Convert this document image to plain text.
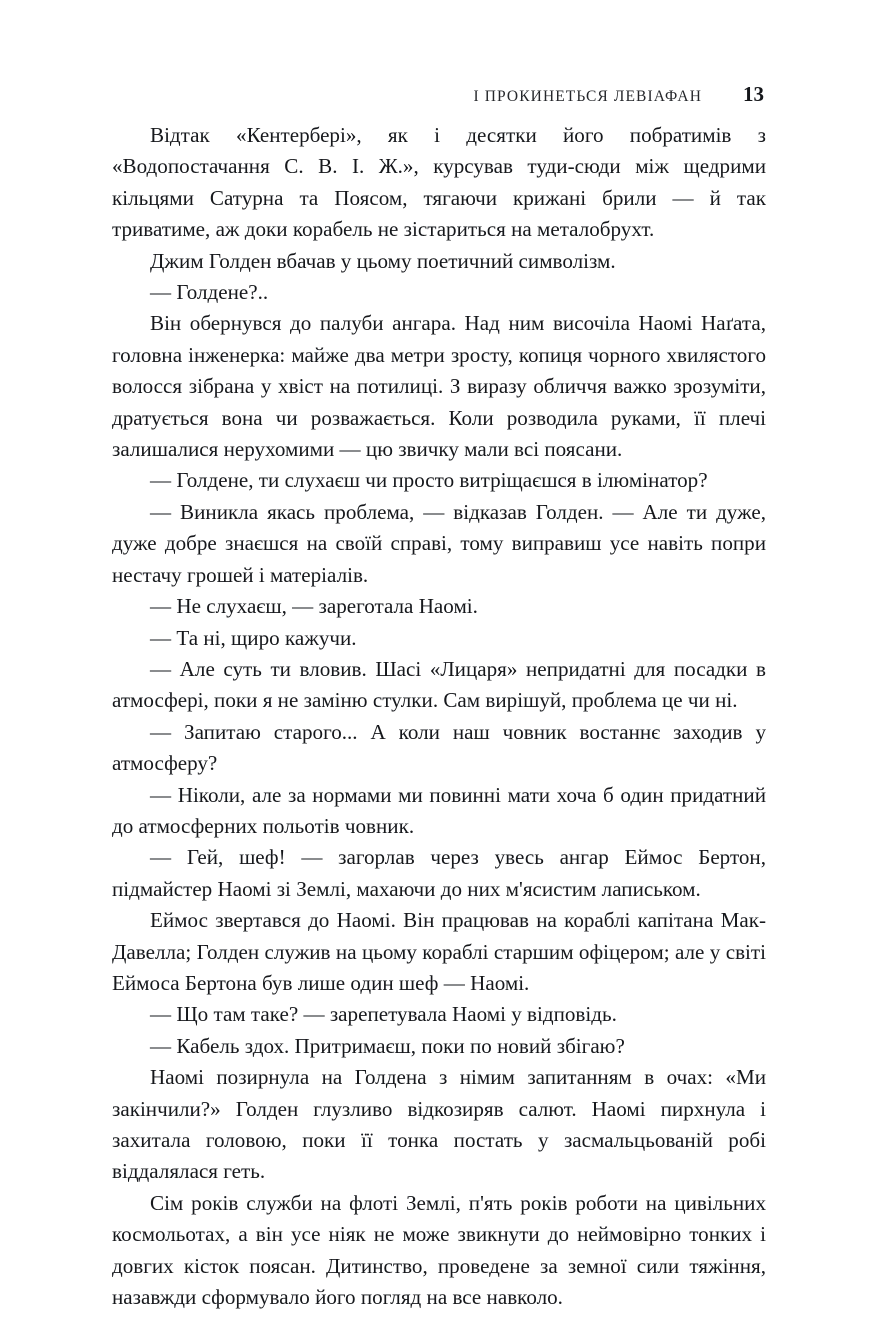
І ПРОКИНЕТЬСЯ ЛЕВІАФАН 13

Відтак «Кентербері», як і десятки його побратимів з «Водопостачання С. В. І. Ж.», курсував туди-сюди між щедрими кільцями Сатурна та Поясом, тягаючи крижані брили — й так триватиме, аж доки корабель не зістариться на металобрухт.

Джим Голден вбачав у цьому поетичний символізм.

— Голдене?..

Він обернувся до палуби ангара. Над ним височіла Наомі Наґата, головна інженерка: майже два метри зросту, копиця чорного хвилястого волосся зібрана у хвіст на потилиці. З виразу обличчя важко зрозуміти, дратується вона чи розважається. Коли розводила руками, її плечі залишалися нерухомими — цю звичку мали всі поясани.

— Голдене, ти слухаєш чи просто витріщаєшся в ілюмінатор?

— Виникла якась проблема, — відказав Голден. — Але ти дуже, дуже добре знаєшся на своїй справі, тому виправиш усе навіть попри нестачу грошей і матеріалів.

— Не слухаєш, — зареготала Наомі.

— Та ні, щиро кажучи.

— Але суть ти вловив. Шасі «Лицаря» непридатні для посадки в атмосфері, поки я не заміню стулки. Сам вирішуй, проблема це чи ні.

— Запитаю старого... А коли наш човник востаннє заходив у атмосферу?

— Ніколи, але за нормами ми повинні мати хоча б один придатний до атмосферних польотів човник.

— Гей, шеф! — загорлав через увесь ангар Еймос Бертон, підмайстер Наомі зі Землі, махаючи до них м'ясистим лаписьком.

Еймос звертався до Наомі. Він працював на кораблі капітана Мак-Давелла; Голден служив на цьому кораблі старшим офіцером; але у світі Еймоса Бертона був лише один шеф — Наомі.

— Що там таке? — зарепетувала Наомі у відповідь.

— Кабель здох. Притримаєш, поки по новий збігаю?

Наомі позирнула на Голдена з німим запитанням в очах: «Ми закінчили?» Голден глузливо відкозиряв салют. Наомі пирхнула і захитала головою, поки її тонка постать у засмальцьованій робі віддалялася геть.

Сім років служби на флоті Землі, п'ять років роботи на цивільних космольотах, а він усе ніяк не може звикнути до неймовірно тонких і довгих кісток поясан. Дитинство, проведене за земної сили тяжіння, назавжди сформувало його погляд на все навколо.
